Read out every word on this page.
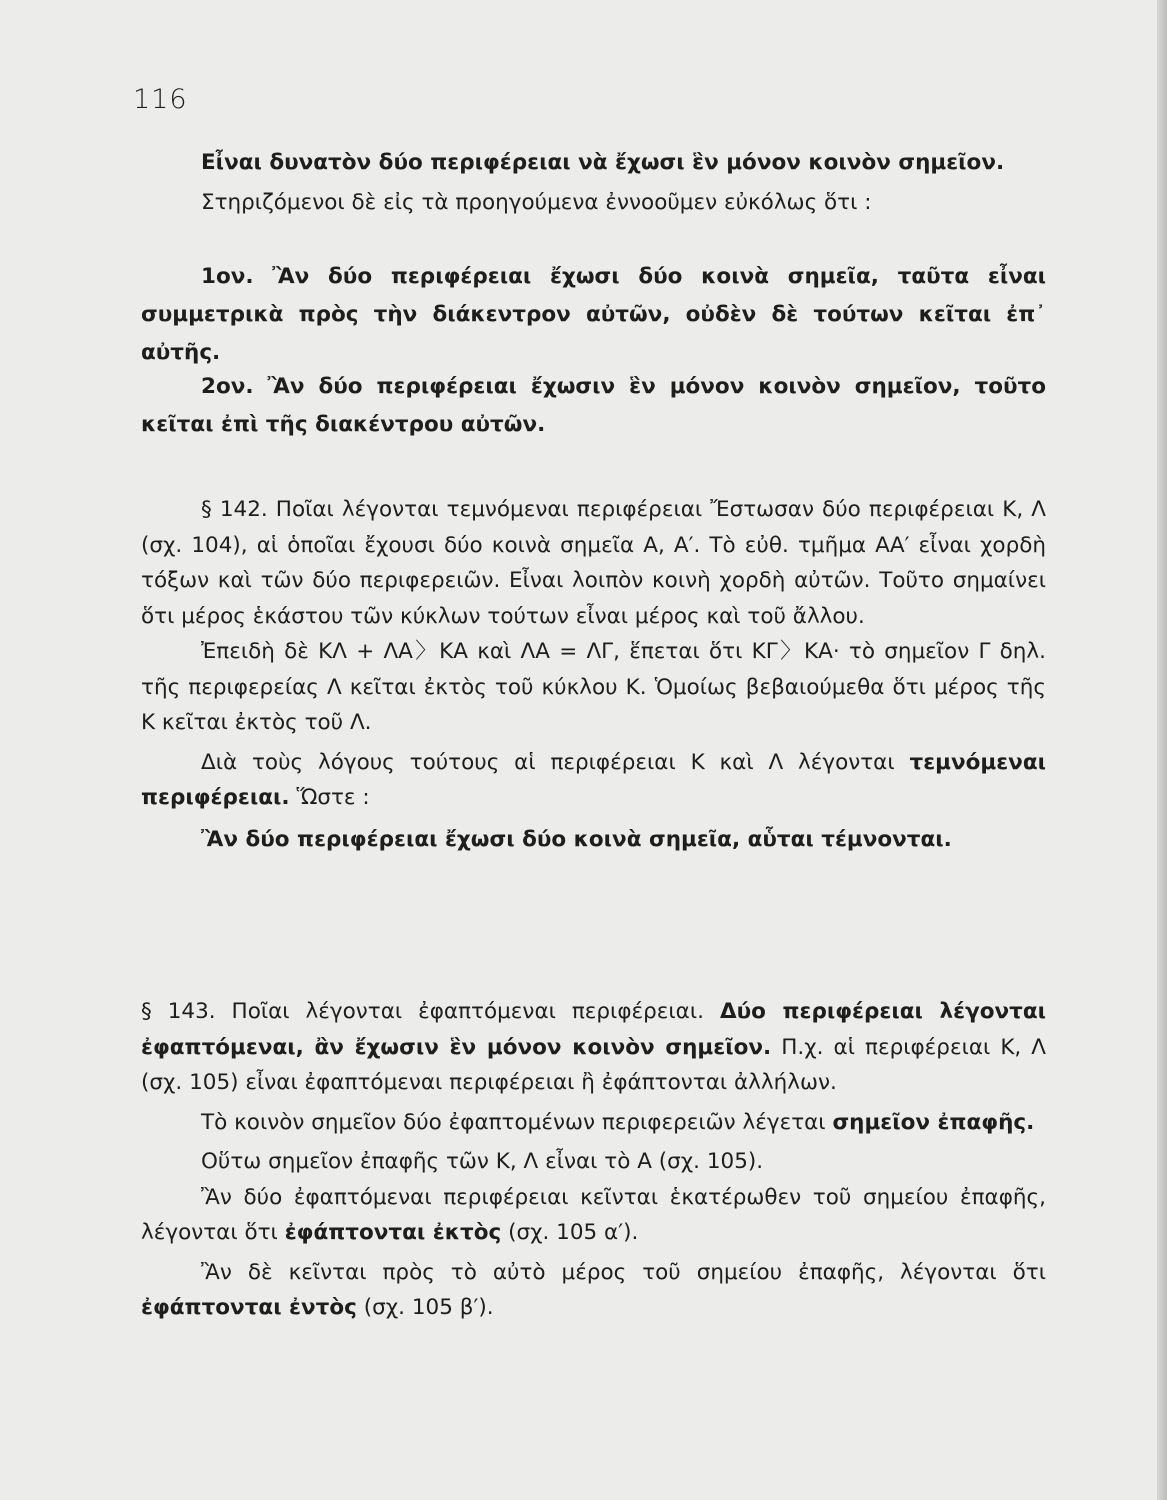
116

Εἶναι δυνατὸν δύο περιφέρειαι νὰ ἔχωσι ἓν μόνον κοινὸν σημεῖον.

Στηριζόμενοι δὲ εἰς τὰ προηγούμενα ἐννοοῦμεν εὐκόλως ὅτι :

1ον. Ἂν δύο περιφέρειαι ἔχωσι δύο κοινὰ σημεῖα, ταῦτα εἶναι συμμετρικὰ πρὸς τὴν διάκεντρον αὐτῶν, οὐδὲν δὲ τούτων κεῖται ἐπ᾽ αὐτῆς.

2ον. Ἂν δύο περιφέρειαι ἔχωσιν ἓν μόνον κοινὸν σημεῖον, τοῦτο κεῖται ἐπὶ τῆς διακέντρου αὐτῶν.

§ 142. Ποῖαι λέγονται τεμνόμεναι περιφέρειαι Ἔστωσαν δύο περιφέρειαι Κ, Λ (σχ. 104), αἱ ὁποῖαι ἔχουσι δύο κοινὰ σημεῖα Α, Α′. Τὸ εὐθ. τμῆμα ΑΑ′ εἶναι χορδὴ τόξων καὶ τῶν δύο περιφερειῶν. Εἶναι λοιπὸν κοινὴ χορδὴ αὐτῶν. Τοῦτο σημαίνει ὅτι μέρος ἑκάστου τῶν κύκλων τούτων εἶναι μέρος καὶ τοῦ ἄλλου.

Ἐπειδὴ δὲ ΚΛ + ΛΑ〉ΚΑ καὶ ΛΑ = ΛΓ, ἕπεται ὅτι ΚΓ〉ΚΑ· τὸ σημεῖον Γ δηλ. τῆς περιφερείας Λ κεῖται ἐκτὸς τοῦ κύκλου Κ. Ὁμοίως βεβαιούμεθα ὅτι μέρος τῆς Κ κεῖται ἐκτὸς τοῦ Λ.

Διὰ τοὺς λόγους τούτους αἱ περιφέρειαι Κ καὶ Λ λέγονται τεμνόμεναι περιφέρειαι. Ὥστε :

Ἂν δύο περιφέρειαι ἔχωσι δύο κοινὰ σημεῖα, αὗται τέμνονται.

§ 143. Ποῖαι λέγονται ἐφαπτόμεναι περιφέρειαι. Δύο περιφέρειαι λέγονται ἐφαπτόμεναι, ἂν ἔχωσιν ἓν μόνον κοινὸν σημεῖον. Π.χ. αἱ περιφέρειαι Κ, Λ (σχ. 105) εἶναι ἐφαπτόμεναι περιφέρειαι ἢ ἐφάπτονται ἀλλήλων.

Τὸ κοινὸν σημεῖον δύο ἐφαπτομένων περιφερειῶν λέγεται σημεῖον ἐπαφῆς.

Οὕτω σημεῖον ἐπαφῆς τῶν Κ, Λ εἶναι τὸ Α (σχ. 105).

Ἂν δύο ἐφαπτόμεναι περιφέρειαι κεῖνται ἑκατέρωθεν τοῦ σημείου ἐπαφῆς, λέγονται ὅτι ἐφάπτονται ἐκτὸς (σχ. 105 α′).

Ἂν δὲ κεῖνται πρὸς τὸ αὐτὸ μέρος τοῦ σημείου ἐπαφῆς, λέγονται ὅτι ἐφάπτονται ἐντὸς (σχ. 105 β′).
